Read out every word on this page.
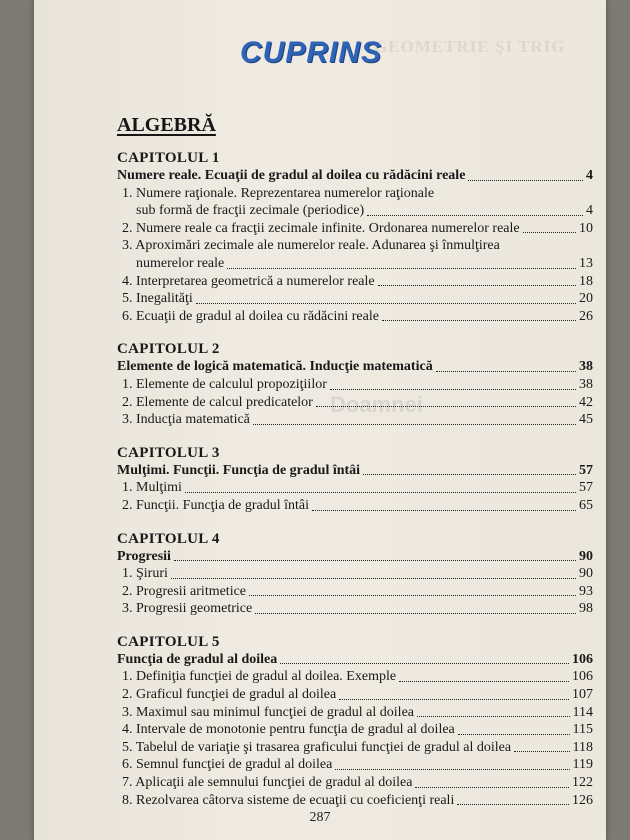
GEOMETRIE ŞI TRIG
CUPRINS
ALGEBRĂ
Doamnei
CAPITOLUL 1
Numere reale. Ecuaţii de gradul al doilea cu rădăcini reale	4
1. Numere raţionale. Reprezentarea numerelor raţionale
sub formă de fracţii zecimale (periodice)	4
2. Numere reale ca fracţii zecimale infinite. Ordonarea numerelor reale	10
3. Aproximări zecimale ale numerelor reale. Adunarea şi înmulţirea
numerelor reale	13
4. Interpretarea geometrică a numerelor reale	18
5. Inegalităţi	20
6. Ecuaţii de gradul al doilea cu rădăcini reale	26
CAPITOLUL 2
Elemente de logică matematică. Inducţie matematică	38
1. Elemente de calculul propoziţiilor	38
2. Elemente de calcul predicatelor	42
3. Inducţia matematică	45
CAPITOLUL 3
Mulţimi. Funcţii. Funcţia de gradul întâi	57
1. Mulţimi	57
2. Funcţii. Funcţia de gradul întâi	65
CAPITOLUL 4
Progresii	90
1. Şiruri	90
2. Progresii aritmetice	93
3. Progresii geometrice	98
CAPITOLUL 5
Funcţia de gradul al doilea	106
1. Definiţia funcţiei de gradul al doilea. Exemple	106
2. Graficul funcţiei de gradul al doilea	107
3. Maximul sau minimul funcţiei de gradul al doilea	114
4. Intervale de monotonie pentru funcţia de gradul al doilea	115
5. Tabelul de variaţie şi trasarea graficului funcţiei de gradul al doilea	118
6. Semnul funcţiei de gradul al doilea	119
7. Aplicaţii ale semnului funcţiei de gradul al doilea	122
8. Rezolvarea câtorva sisteme de ecuaţii cu coeficienţi reali	126
287
